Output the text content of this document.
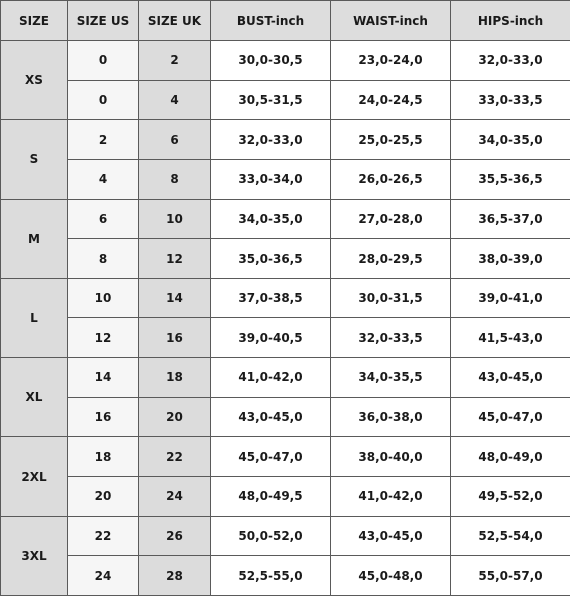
SIZE	SIZE US	SIZE UK	BUST-inch	WAIST-inch	HIPS-inch
XS	0	2	30,0-30,5	23,0-24,0	32,0-33,0
	0	4	30,5-31,5	24,0-24,5	33,0-33,5
S	2	6	32,0-33,0	25,0-25,5	34,0-35,0
	4	8	33,0-34,0	26,0-26,5	35,5-36,5
M	6	10	34,0-35,0	27,0-28,0	36,5-37,0
	8	12	35,0-36,5	28,0-29,5	38,0-39,0
L	10	14	37,0-38,5	30,0-31,5	39,0-41,0
	12	16	39,0-40,5	32,0-33,5	41,5-43,0
XL	14	18	41,0-42,0	34,0-35,5	43,0-45,0
	16	20	43,0-45,0	36,0-38,0	45,0-47,0
2XL	18	22	45,0-47,0	38,0-40,0	48,0-49,0
	20	24	48,0-49,5	41,0-42,0	49,5-52,0
3XL	22	26	50,0-52,0	43,0-45,0	52,5-54,0
	24	28	52,5-55,0	45,0-48,0	55,0-57,0
